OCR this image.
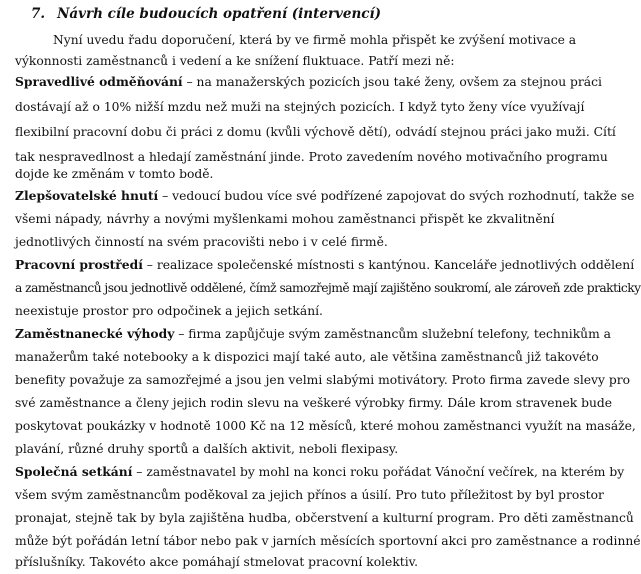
7. Návrh cíle budoucích opatření (intervencí)
Nyní uvedu řadu doporučení, která by ve firmě mohla přispět ke zvýšení motivace a
výkonnosti zaměstnanců i vedení a ke snížení fluktuace. Patří mezi ně:
Spravedlivé odměňování – na manažerských pozicích jsou také ženy, ovšem za stejnou práci
dostávají až o 10% nižší mzdu než muži na stejných pozicích. I když tyto ženy více využívají
flexibilní pracovní dobu či práci z domu (kvůli výchově dětí), odvádí stejnou práci jako muži. Cítí
tak nespravedlnost a hledají zaměstnání jinde. Proto zavedením nového motivačního programu
dojde ke změnám v tomto bodě.
Zlepšovatelské hnutí – vedoucí budou více své podřízené zapojovat do svých rozhodnutí, takže se
všemi nápady, návrhy a novými myšlenkami mohou zaměstnanci přispět ke zkvalitnění
jednotlivých činností na svém pracovišti nebo i v celé firmě.
Pracovní prostředí – realizace společenské místnosti s kantýnou. Kanceláře jednotlivých oddělení
a zaměstnanců jsou jednotlivě oddělené, čímž samozřejmě mají zajištěno soukromí, ale zároveň zde prakticky
neexistuje prostor pro odpočinek a jejich setkání.
Zaměstnanecké výhody – firma zapůjčuje svým zaměstnancům služební telefony, technikům a
manažerům také notebooky a k dispozici mají také auto, ale většina zaměstnanců již takovéto
benefity považuje za samozřejmé a jsou jen velmi slabými motivátory. Proto firma zavede slevy pro
své zaměstnance a členy jejich rodin slevu na veškeré výrobky firmy. Dále krom stravenek bude
poskytovat poukázky v hodnotě 1000 Kč na 12 měsíců, které mohou zaměstnanci využít na masáže,
plavání, různé druhy sportů a dalších aktivit, neboli flexipasy.
Společná setkání – zaměstnavatel by mohl na konci roku pořádat Vánoční večírek, na kterém by
všem svým zaměstnancům poděkoval za jejich přínos a úsilí. Pro tuto příležitost by byl prostor
pronajat, stejně tak by byla zajištěna hudba, občerstvení a kulturní program. Pro děti zaměstnanců
může být pořádán letní tábor nebo pak v jarních měsících sportovní akci pro zaměstnance a rodinné
příslušníky. Takovéto akce pomáhají stmelovat pracovní kolektiv.
